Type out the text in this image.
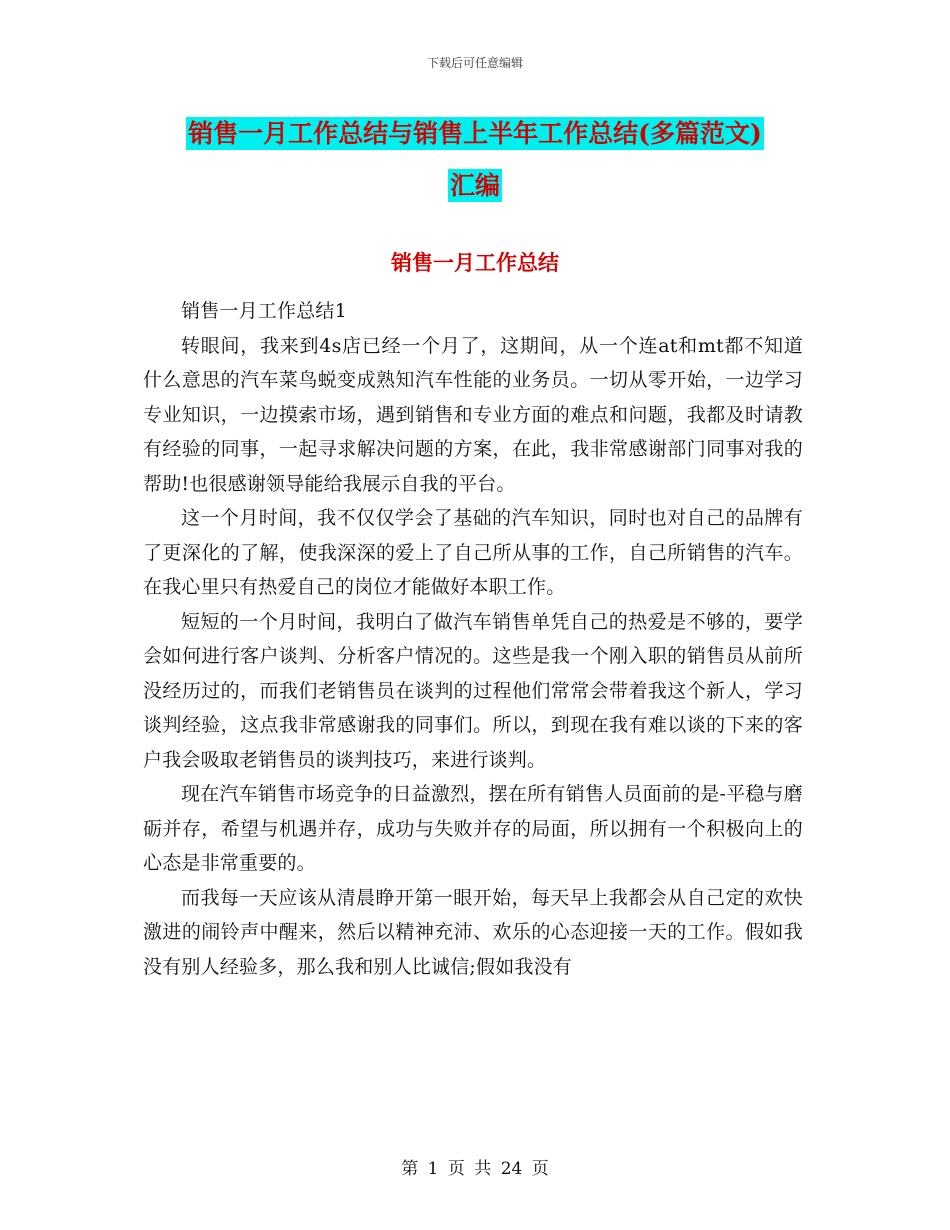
下载后可任意编辑
销售一月工作总结与销售上半年工作总结(多篇范文)
汇编
销售一月工作总结

销售一月工作总结1

转眼间，我来到4s店已经一个月了，这期间，从一个连at和mt都不知道什么意思的汽车菜鸟蜕变成熟知汽车性能的业务员。一切从零开始，一边学习专业知识，一边摸索市场，遇到销售和专业方面的难点和问题，我都及时请教有经验的同事，一起寻求解决问题的方案，在此，我非常感谢部门同事对我的帮助!也很感谢领导能给我展示自我的平台。

这一个月时间，我不仅仅学会了基础的汽车知识，同时也对自己的品牌有了更深化的了解，使我深深的爱上了自己所从事的工作，自己所销售的汽车。在我心里只有热爱自己的岗位才能做好本职工作。

短短的一个月时间，我明白了做汽车销售单凭自己的热爱是不够的，要学会如何进行客户谈判、分析客户情况的。这些是我一个刚入职的销售员从前所没经历过的，而我们老销售员在谈判的过程他们常常会带着我这个新人，学习谈判经验，这点我非常感谢我的同事们。所以，到现在我有难以谈的下来的客户我会吸取老销售员的谈判技巧，来进行谈判。

现在汽车销售市场竞争的日益激烈，摆在所有销售人员面前的是-平稳与磨砺并存，希望与机遇并存，成功与失败并存的局面，所以拥有一个积极向上的心态是非常重要的。

而我每一天应该从清晨睁开第一眼开始，每天早上我都会从自己定的欢快激进的闹铃声中醒来，然后以精神充沛、欢乐的心态迎接一天的工作。假如我没有别人经验多，那么我和别人比诚信;假如我没有

第 1 页 共 24 页
